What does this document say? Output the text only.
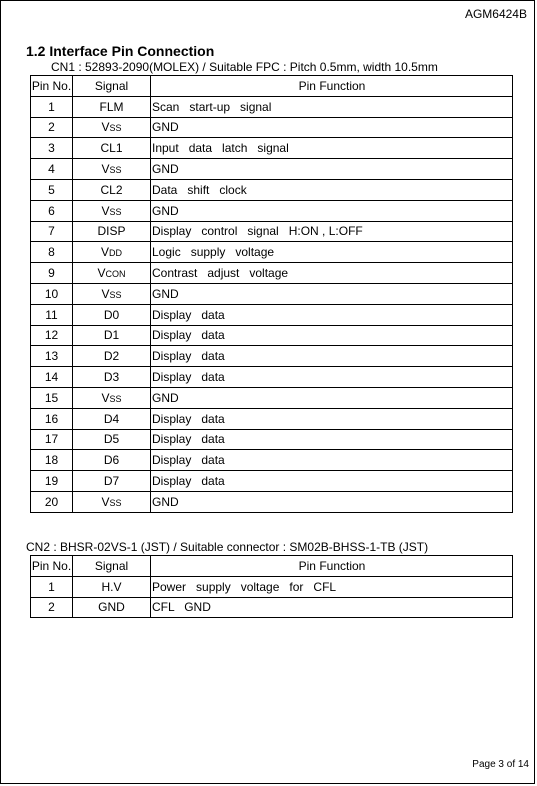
AGM6424B
1.2 Interface Pin Connection
CN1 : 52893-2090(MOLEX) / Suitable FPC : Pitch 0.5mm, width 10.5mm
Pin No.	Signal	Pin Function
1	FLM	Scan   start-up   signal
2	VSS	GND
3	CL1	Input   data   latch   signal
4	VSS	GND
5	CL2	Data   shift   clock
6	VSS	GND
7	DISP	Display   control   signal   H:ON , L:OFF
8	VDD	Logic   supply   voltage
9	VCON	Contrast   adjust   voltage
10	VSS	GND
11	D0	Display   data
12	D1	Display   data
13	D2	Display   data
14	D3	Display   data
15	VSS	GND
16	D4	Display   data
17	D5	Display   data
18	D6	Display   data
19	D7	Display   data
20	VSS	GND
CN2 : BHSR-02VS-1 (JST) / Suitable connector : SM02B-BHSS-1-TB (JST)
Pin No.	Signal	Pin Function
1	H.V	Power   supply   voltage   for   CFL
2	GND	CFL   GND
Page 3 of 14
